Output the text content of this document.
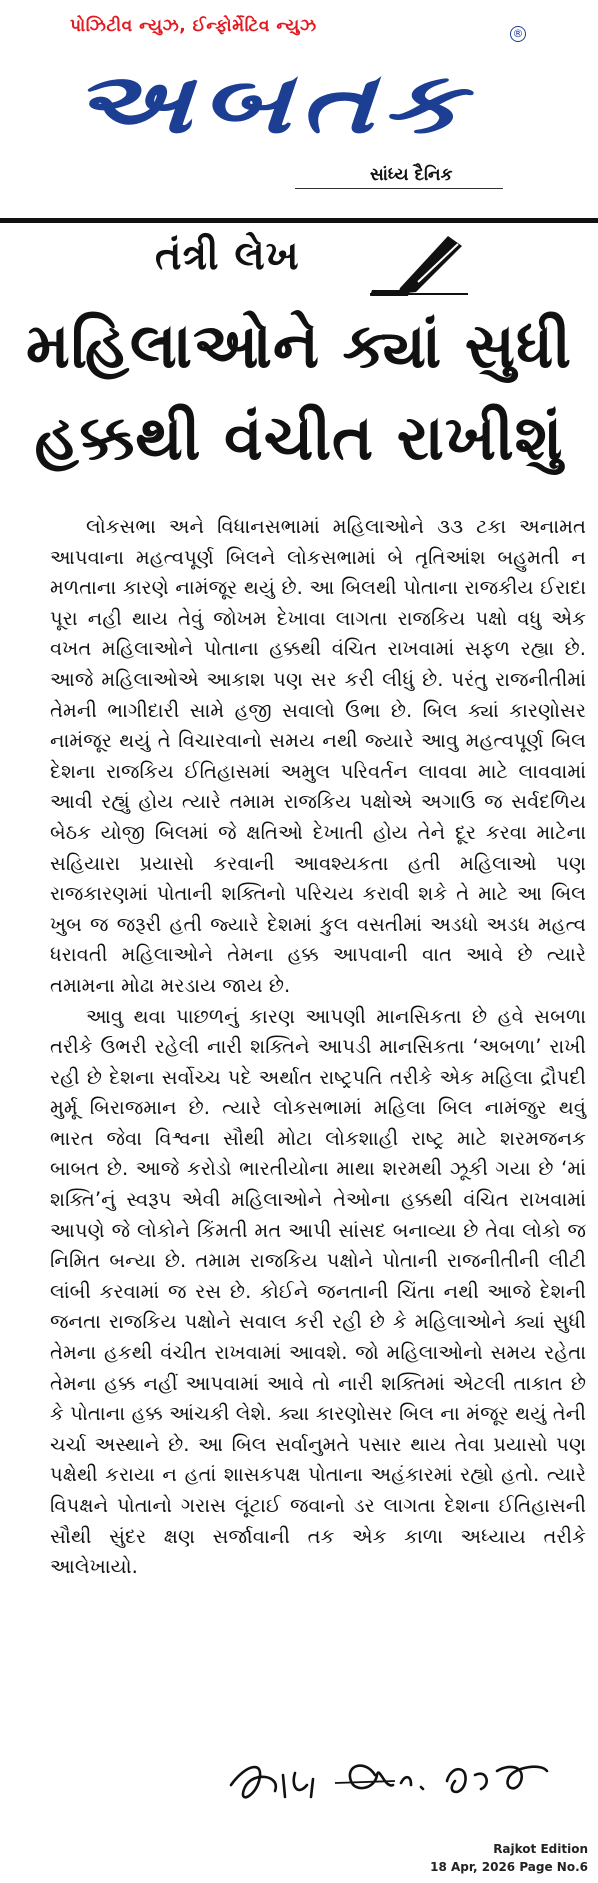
પોઝિટીવ ન્યુઝ, ઈન્ફોર્મેટિવ ન્યુઝ	®
અબતક
સાંધ્ય દૈનિક
તંત્રી લેખ
મહિલાઓને ક્યાં સુધી
હક્કથી વંચીત રાખીશું

લોકસભા અને વિધાનસભામાં મહિલાઓને ૩૩ ટકા અનામત આપવાના મહત્વપૂર્ણ બિલને લોકસભામાં બે તૃતિઆંશ બહુમતી ન મળતાના કારણે નામંજૂર થયું છે. આ બિલથી પોતાના રાજકીય ઈરાદા પૂરા નહી થાય તેવું જોખમ દેખાવા લાગતા રાજકિય પક્ષો વધુ એક વખત મહિલાઓને પોતાના હક્કથી વંચિત રાખવામાં સફળ રહ્યા છે. આજે મહિલાઓએ આકાશ પણ સર કરી લીધું છે. પરંતુ રાજનીતીમાં તેમની ભાગીદારી સામે હજી સવાલો ઉભા છે. બિલ ક્યાં કારણોસર નામંજૂર થયું તે વિચારવાનો સમય નથી જ્યારે આવુ મહત્વપૂર્ણ બિલ દેશના રાજકિય ઈતિહાસમાં અમુલ પરિવર્તન લાવવા માટે લાવવામાં આવી રહ્યું હોય ત્યારે તમામ રાજકિય પક્ષોએ અગાઉ જ સર્વદળિય બેઠક યોજી બિલમાં જે ક્ષતિઓ દેખાતી હોય તેને દૂર કરવા માટેના સહિયારા પ્રયાસો કરવાની આવશ્યકતા હતી મહિલાઓ પણ રાજકારણમાં પોતાની શક્તિનો પરિચય કરાવી શકે તે માટે આ બિલ ખુબ જ જરૂરી હતી જ્યારે દેશમાં કુલ વસતીમાં અડધો અડધ મહત્વ ધરાવતી મહિલાઓને તેમના હક્ક આપવાની વાત આવે છે ત્યારે તમામના મોઢા મરડાય જાય છે.

આવુ થવા પાછળનું કારણ આપણી માનસિકતા છે હવે સબળા તરીકે ઉભરી રહેલી નારી શક્તિને આપડી માનસિકતા ‘અબળા’ રાખી રહી છે દેશના સર્વોચ્ચ પદે અર્થાત રાષ્ટ્રપતિ તરીકે એક મહિલા દ્રૌપદી મુર્મૂ બિરાજમાન છે. ત્યારે લોકસભામાં મહિલા બિલ નામંજુર થવું ભારત જેવા વિશ્વના સૌથી મોટા લોકશાહી રાષ્ટ્ર માટે શરમજનક બાબત છે. આજે કરોડો ભારતીયોના માથા શરમથી ઝૂકી ગયા છે ‘માં શક્તિ’નું સ્વરૂપ એવી મહિલાઓને તેઓના હક્કથી વંચિત રાખવામાં આપણે જે લોકોને કિંમતી મત આપી સાંસદ બનાવ્યા છે તેવા લોકો જ નિમિત બન્યા છે. તમામ રાજકિય પક્ષોને પોતાની રાજનીતીની લીટી લાંબી કરવામાં જ રસ છે. કોઈને જનતાની ચિંતા નથી આજે દેશની જનતા રાજકિય પક્ષોને સવાલ કરી રહી છે કે મહિલાઓને ક્યાં સુધી તેમના હકથી વંચીત રાખવામાં આવશે. જો મહિલાઓનો સમય રહેતા તેમના હક્ક નહીં આપવામાં આવે તો નારી શક્તિમાં એટલી તાકાત છે કે પોતાના હક્ક આંચકી લેશે. ક્યા કારણોસર બિલ ના મંજૂર થયું તેની ચર્ચા અસ્થાને છે. આ બિલ સર્વાનુમતે પસાર થાય તેવા પ્રયાસો પણ પક્ષેથી કરાયા ન હતાં શાસકપક્ષ પોતાના અહંકારમાં રહ્યો હતો. ત્યારે વિપક્ષને પોતાનો ગરાસ લૂંટાઈ જવાનો ડર લાગતા દેશના ઈતિહાસની સૌથી સુંદર ક્ષણ સર્જાવાની તક એક કાળા અધ્યાય તરીકે આલેખાયો.

Rajkot Edition
18 Apr, 2026 Page No.6
